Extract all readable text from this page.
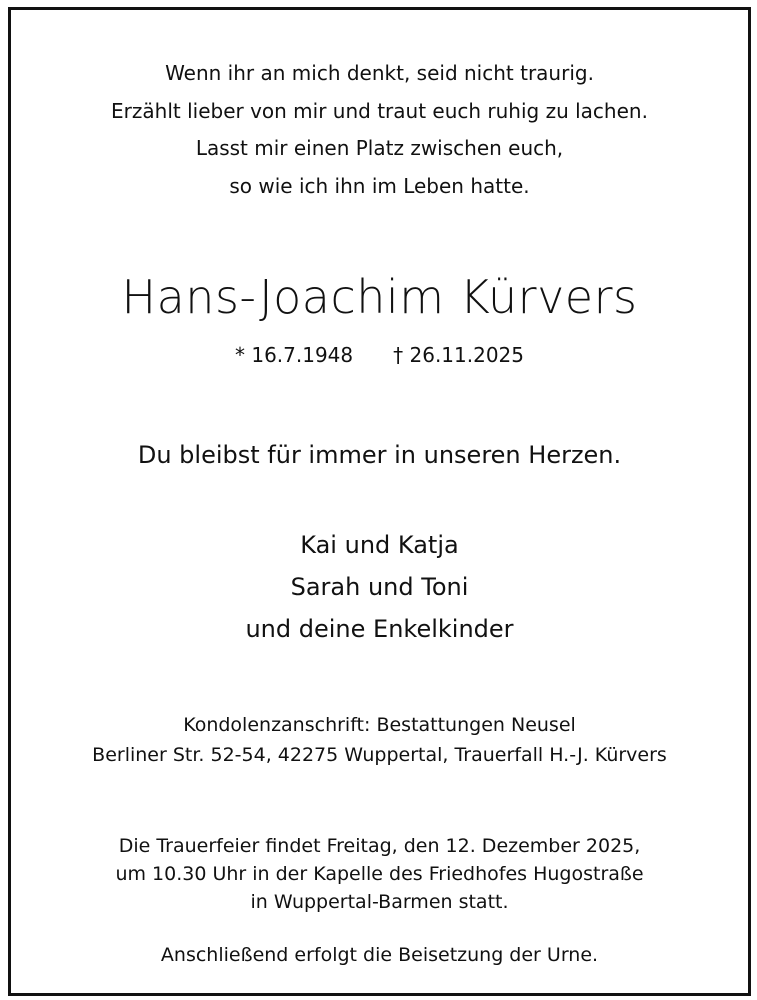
Wenn ihr an mich denkt, seid nicht traurig.
Erzählt lieber von mir und traut euch ruhig zu lachen.
Lasst mir einen Platz zwischen euch,
so wie ich ihn im Leben hatte.
Hans-Joachim Kürvers
* 16.7.1948 † 26.11.2025
Du bleibst für immer in unseren Herzen.
Kai und Katja
Sarah und Toni
und deine Enkelkinder
Kondolenzanschrift: Bestattungen Neusel
Berliner Str. 52-54, 42275 Wuppertal, Trauerfall H.-J. Kürvers
Die Trauerfeier findet Freitag, den 12. Dezember 2025,
um 10.30 Uhr in der Kapelle des Friedhofes Hugostraße
in Wuppertal-Barmen statt.
Anschließend erfolgt die Beisetzung der Urne.
